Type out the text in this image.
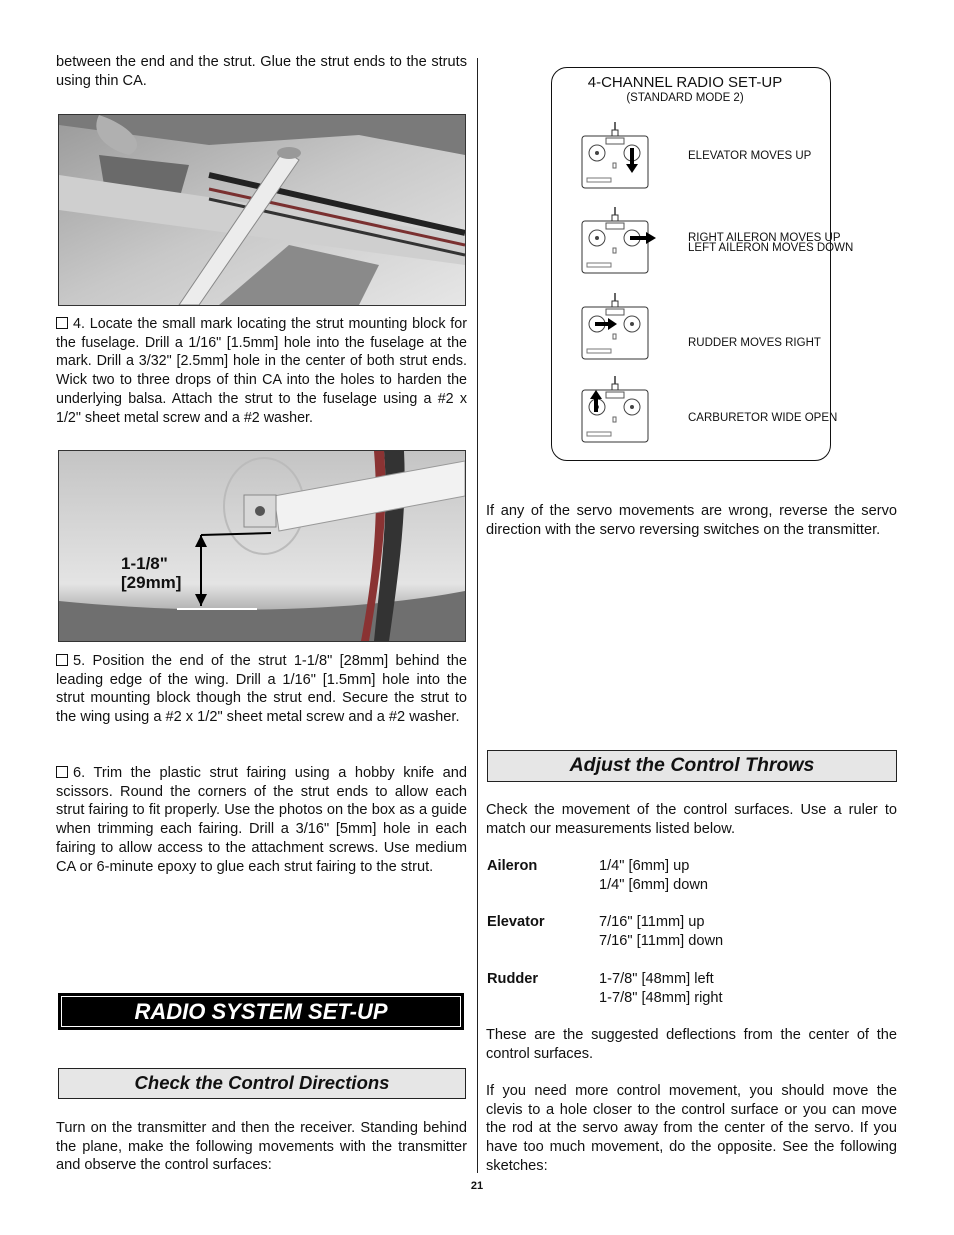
between the end and the strut. Glue the strut ends to the struts using thin CA.

4. Locate the small mark locating the strut mounting block for the fuselage. Drill a 1/16" [1.5mm] hole into the fuselage at the mark. Drill a 3/32" [2.5mm] hole in the center of both strut ends. Wick two to three drops of thin CA into the holes to harden the underlying balsa. Attach the strut to the fuselage using a #2 x 1/2" sheet metal screw and a #2 washer.

1-1/8"
[29mm]

5. Position the end of the strut 1-1/8" [28mm] behind the leading edge of the wing. Drill a 1/16" [1.5mm] hole into the strut mounting block though the strut end. Secure the strut to the wing using a #2 x 1/2" sheet metal screw and a #2 washer.

6. Trim the plastic strut fairing using a hobby knife and scissors. Round the corners of the strut ends to allow each strut fairing to fit properly. Use the photos on the box as a guide when trimming each fairing. Drill a 3/16" [5mm] hole in each fairing to allow access to the attachment screws. Use medium CA or 6-minute epoxy to glue each strut fairing to the strut.

RADIO SYSTEM SET-UP
Check the Control Directions

Turn on the transmitter and then the receiver. Standing behind the plane, make the following movements with the transmitter and observe the control surfaces:

4-CHANNEL RADIO SET-UP
(STANDARD MODE 2)
ELEVATOR MOVES UP
RIGHT AILERON MOVES UP
LEFT AILERON MOVES DOWN
RUDDER MOVES RIGHT
CARBURETOR WIDE OPEN

If any of the servo movements are wrong, reverse the servo direction with the servo reversing switches on the transmitter.

Adjust the Control Throws

Check the movement of the control surfaces. Use a ruler to match our measurements listed below.

Aileron	1/4" [6mm] up
1/4" [6mm] down
Elevator	7/16" [11mm] up
7/16" [11mm] down
Rudder	1-7/8" [48mm] left
1-7/8" [48mm] right

These are the suggested deflections from the center of the control surfaces.

If you need more control movement, you should move the clevis to a hole closer to the control surface or you can move the rod at the servo away from the center of the servo. If you have too much movement, do the opposite. See the following sketches:

21
